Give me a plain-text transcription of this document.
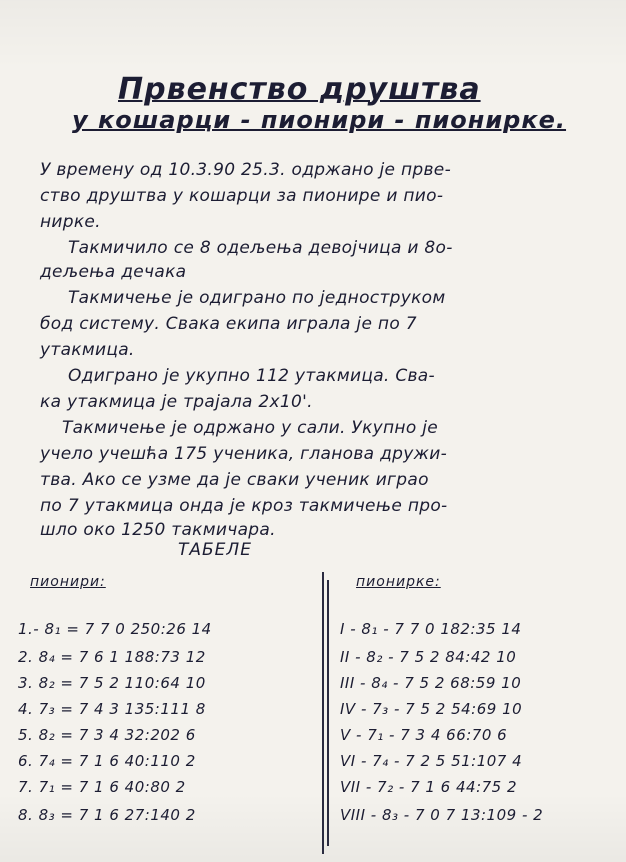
Првенство друштва
у кошарци - пионири - пионирке.

У времену од 10.3.90 25.3. одржано је прве-

ство друштва у кошарци за пионире и пио-

нирке.

Такмичило се 8 одељења девојчица и 8о-

дељења дечака

Такмичење је одиграно по једноструком

бод систему. Свака екипа играла је по 7

утакмица.

Одиграно је укупно 112 утакмица. Сва-

ка утакмица је трајала 2x10'.

Такмичење је одржано у сали. Укупно је

учело учешћа 175 ученика, гланова дружи-

тва. Ако се узме да је сваки ученик играо

по 7 утакмица онда је кроз такмичење про-

шло око 1250 такмичара.

ТАБЕЛЕ
пионири:	пионирке:
1.- 8₁ = 7 7 0 250:26 14
2. 8₄ = 7 6 1 188:73 12
3. 8₂ = 7 5 2 110:64 10
4. 7₃ = 7 4 3 135:111 8
5. 8₂ = 7 3 4 32:202 6
6. 7₄ = 7 1 6 40:110 2
7. 7₁ = 7 1 6 40:80 2
8. 8₃ = 7 1 6 27:140 2
I - 8₁ - 7 7 0 182:35 14
II - 8₂ - 7 5 2 84:42 10
III - 8₄ - 7 5 2 68:59 10
IV - 7₃ - 7 5 2 54:69 10
V - 7₁ - 7 3 4 66:70 6
VI - 7₄ - 7 2 5 51:107 4
VII - 7₂ - 7 1 6 44:75 2
VIII - 8₃ - 7 0 7 13:109 - 2
